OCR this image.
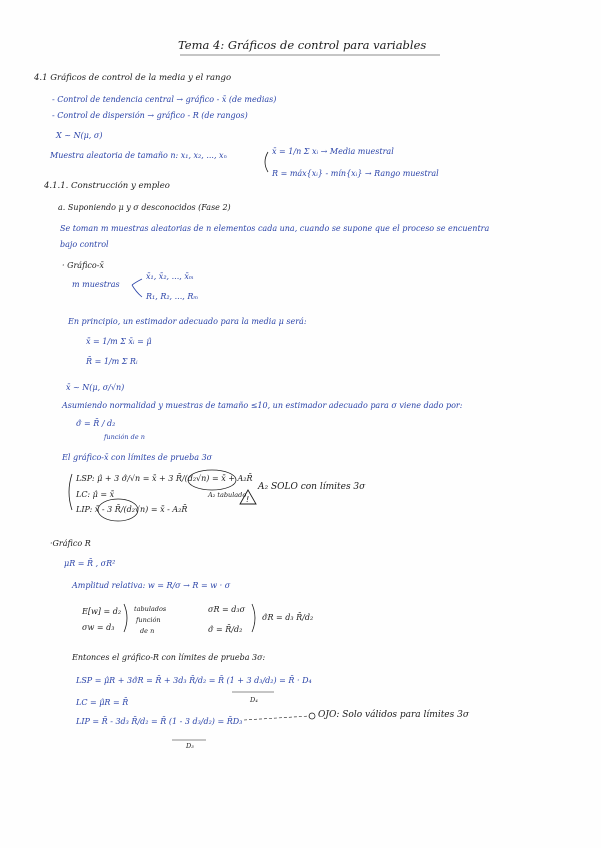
!
Tema 4: Gráficos de control para variables
4.1 Gráficos de control de la media y el rango
- Control de tendencia central → gráfico - x̄ (de medias)
- Control de dispersión → gráfico - R (de rangos)
X ~ N(μ, σ)
Muestra aleatoria de tamaño n: x₁, x₂, ..., xₙ	x̄ = 1/n Σ xᵢ → Media muestral
R = máx{xᵢ} - mín{xᵢ} → Rango muestral
4.1.1. Construcción y empleo
a. Suponiendo μ y σ desconocidos (Fase 2)
Se toman m muestras aleatorias de n elementos cada una, cuando se supone que el proceso se encuentra
bajo control
· Gráfico-x̄
m muestras
x̄₁, x̄₂, ..., x̄ₘ
R₁, R₂, ..., Rₘ
En principio, un estimador adecuado para la media μ será:
x̄̄ = 1/m Σ x̄ᵢ = μ̂
R̄ = 1/m Σ Rᵢ
x̄ ~ N(μ, σ/√n)
Asumiendo normalidad y muestras de tamaño ≤10, un estimador adecuado para σ viene dado por:
σ̂ = R̄ / d₂
función de n
El gráfico-x̄ con límites de prueba 3σ
LSP: μ̂ + 3 σ̂/√n = x̄̄ + 3 R̄/(d₂√n) = x̄̄ + A₂R̄
A₂ tabulado
LC: μ̂ = x̄̄
LIP: x̄̄ - 3 R̄/(d₂√n) = x̄̄ - A₂R̄
A₂ SOLO con límites 3σ
·Gráfico R
μR = R̄ , σR²
Amplitud relativa: w = R/σ → R = w · σ
E[w] = d₂
σw = d₃
tabulados
función
de n
σR = d₃σ
σ̂ = R̄/d₂
σ̂R = d₃ R̄/d₂
Entonces el gráfico-R con límites de prueba 3σ:
LSP = μ̂R + 3σ̂R = R̄ + 3d₃ R̄/d₂ = R̄ (1 + 3 d₃/d₂) = R̄ · D₄
D₄
LC = μ̂R = R̄
LIP = R̄ - 3d₃ R̄/d₂ = R̄ (1 - 3 d₃/d₂) = R̄D₃
D₃
OJO: Solo válidos para límites 3σ
